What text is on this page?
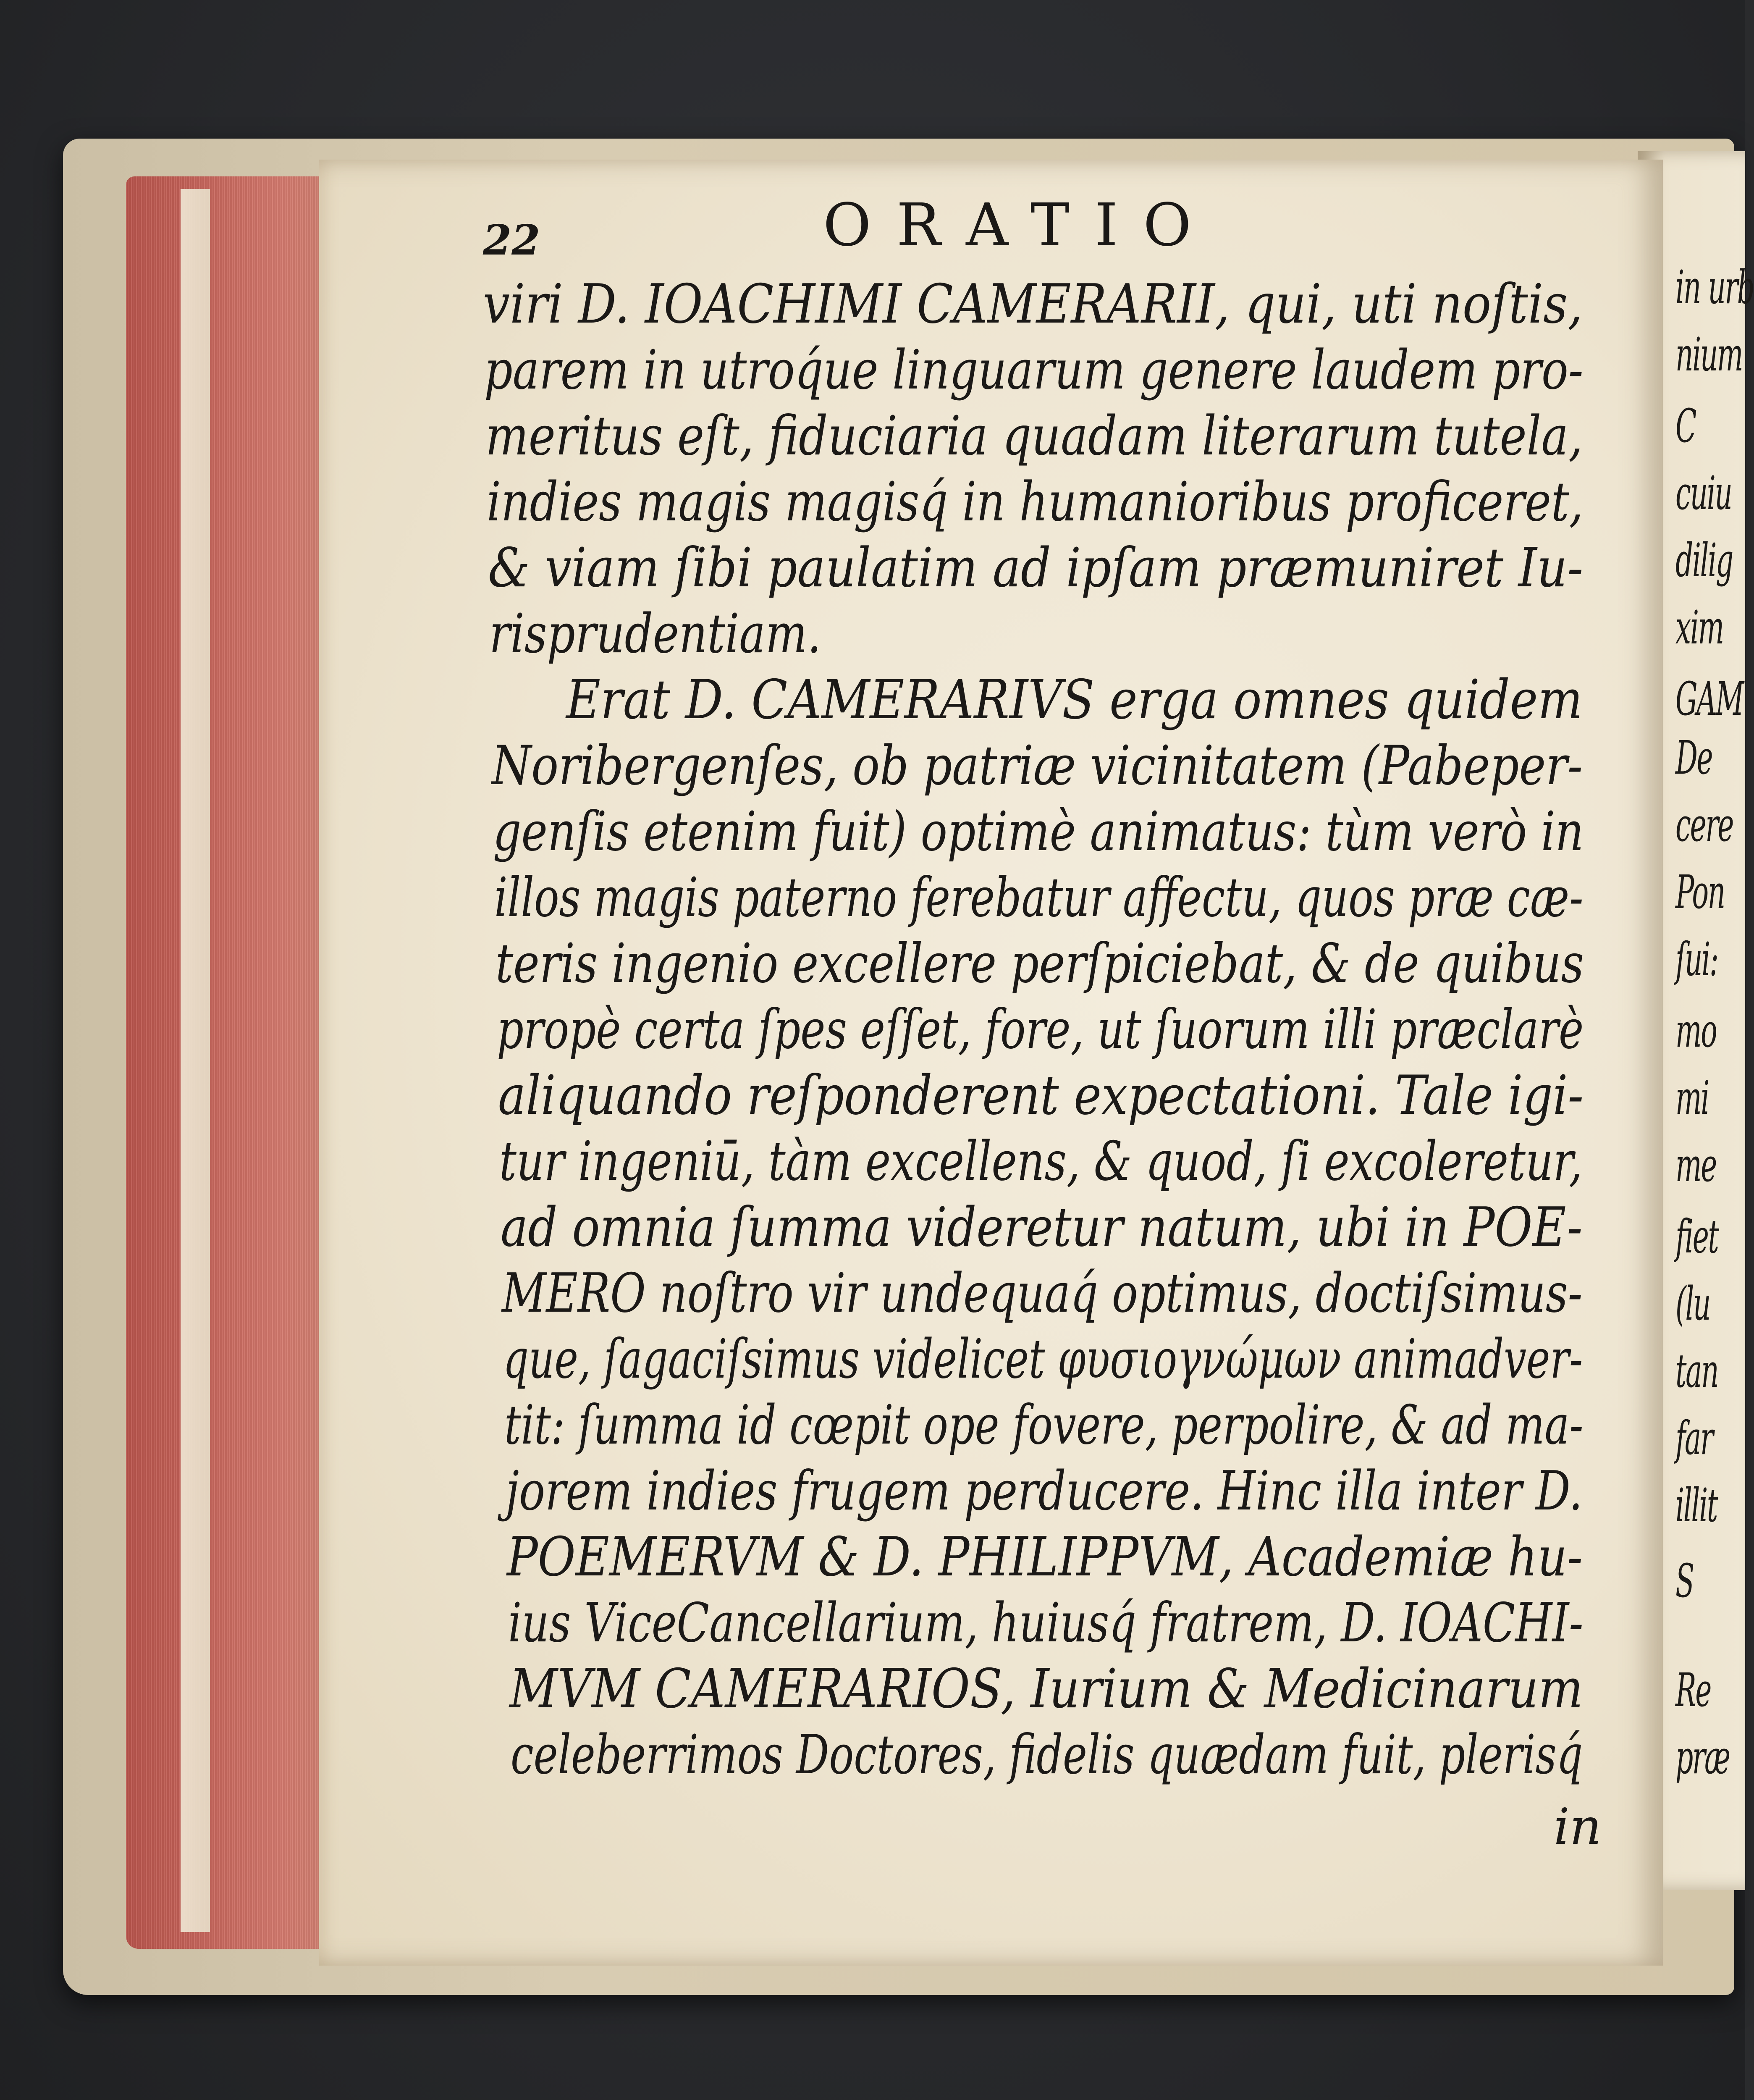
in urb
nium
C
cuiu
dilig
xim
GAM
De
cere
Pon
ſui:
mo
mi
me
fiet
(lu
tan
far
illit
S
Re
præ
22	ORATIO
viri D. IOACHIMI CAMERARII, qui, uti noſtis,
parem in utroq́ue linguarum genere laudem pro-
meritus eſt, fiduciaria quadam literarum tutela,
indies magis magisq́ in humanioribus proficeret,
& viam ſibi paulatim ad ipſam præmuniret Iu-
risprudentiam.
Erat D. CAMERARIVS erga omnes quidem
Noribergenſes, ob patriæ vicinitatem (Pabeper-
genſis etenim fuit) optimè animatus: tùm verò in
illos magis paterno ferebatur affectu, quos præ cæ-
teris ingenio excellere perſpiciebat, & de quibus
propè certa ſpes eſſet, fore, ut ſuorum illi præclarè
aliquando reſponderent expectationi. Tale igi-
tur ingeniū, tàm excellens, & quod, ſi excoleretur,
ad omnia ſumma videretur natum, ubi in POE-
MERO noſtro vir undequaq́ optimus, doctiſsimus-
que, ſagaciſsimus videlicet φυσιογνώμων animadver-
tit: ſumma id cœpit ope fovere, perpolire, & ad ma-
jorem indies frugem perducere. Hinc illa inter D.
POEMERVM & D. PHILIPPVM, Academiæ hu-
ius ViceCancellarium, huiusq́ fratrem, D. IOACHI-
MVM CAMERARIOS, Iurium & Medicinarum
celeberrimos Doctores, fidelis quædam fuit, plerisq́
in
